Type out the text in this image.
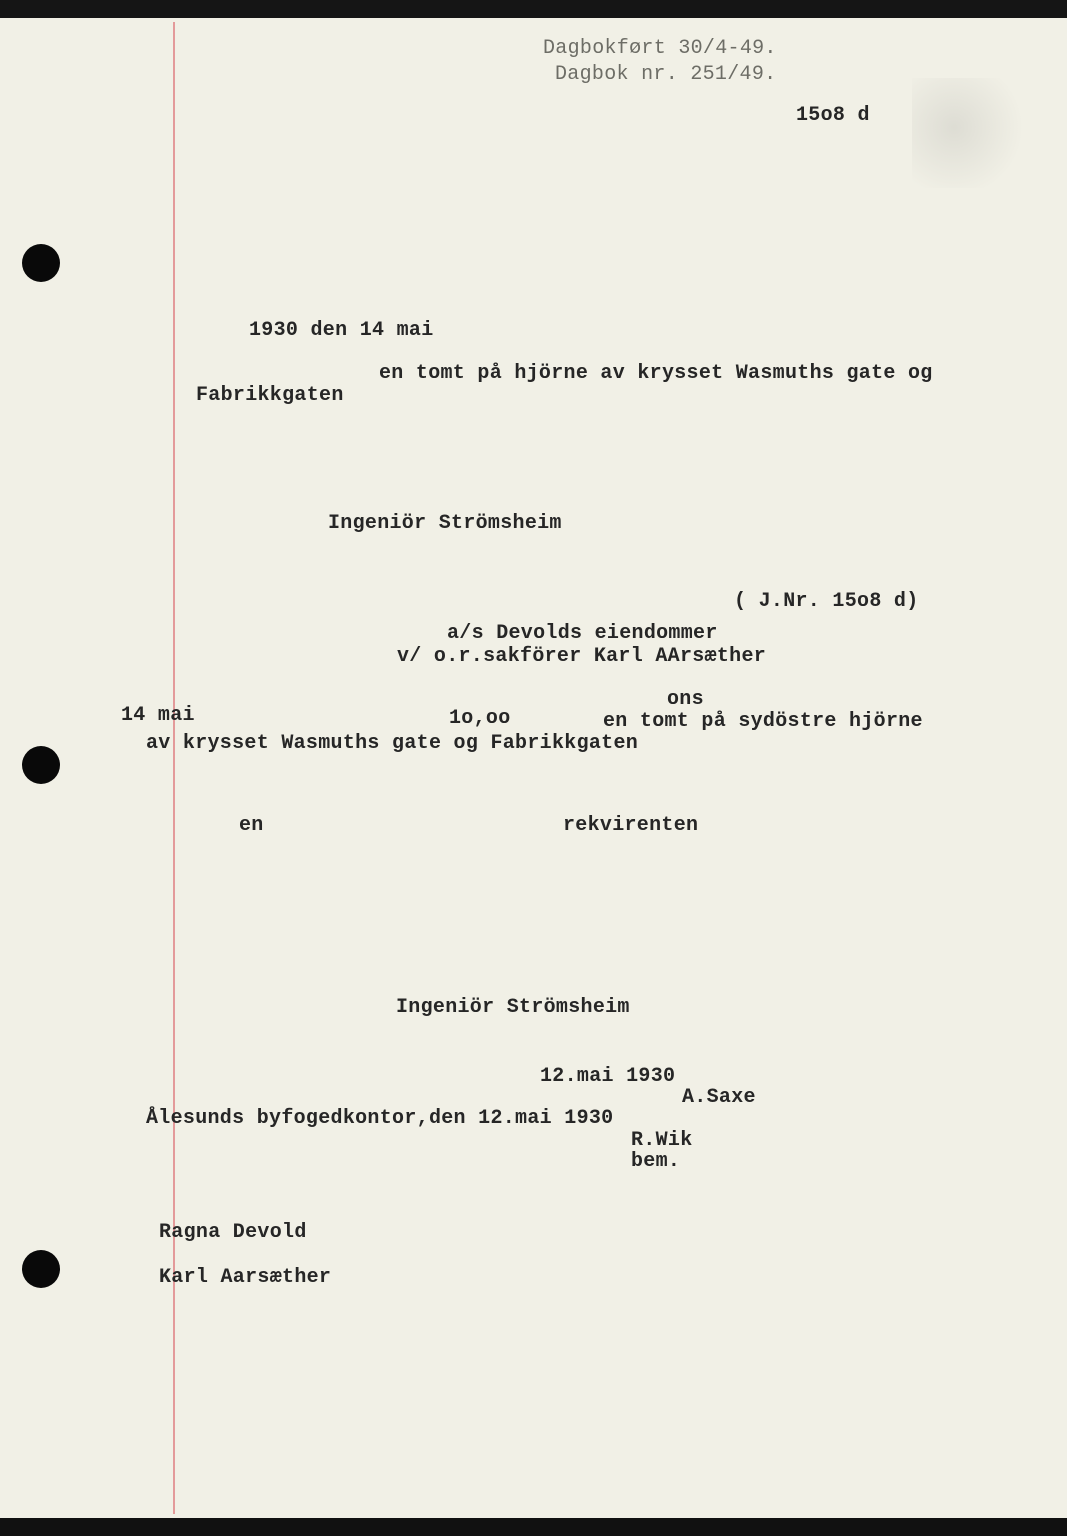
Dagbokført 30/4-49.

Dagbok nr. 251/49.

15o8 d

1930 den 14 mai

en tomt på hjörne av krysset Wasmuths gate og

Fabrikkgaten

Ingeniör Strömsheim

( J.Nr. 15o8 d)

a/s Devolds eiendommer

v/ o.r.sakförer Karl AArsæther

ons

14 mai	1o,oo	en tomt på sydöstre hjörne

av krysset Wasmuths gate og Fabrikkgaten

en	rekvirenten

Ingeniör Strömsheim

12.mai 1930

A.Saxe

Ålesunds byfogedkontor,den 12.mai 1930

R.Wik

bem.

Ragna Devold

Karl Aarsæther
